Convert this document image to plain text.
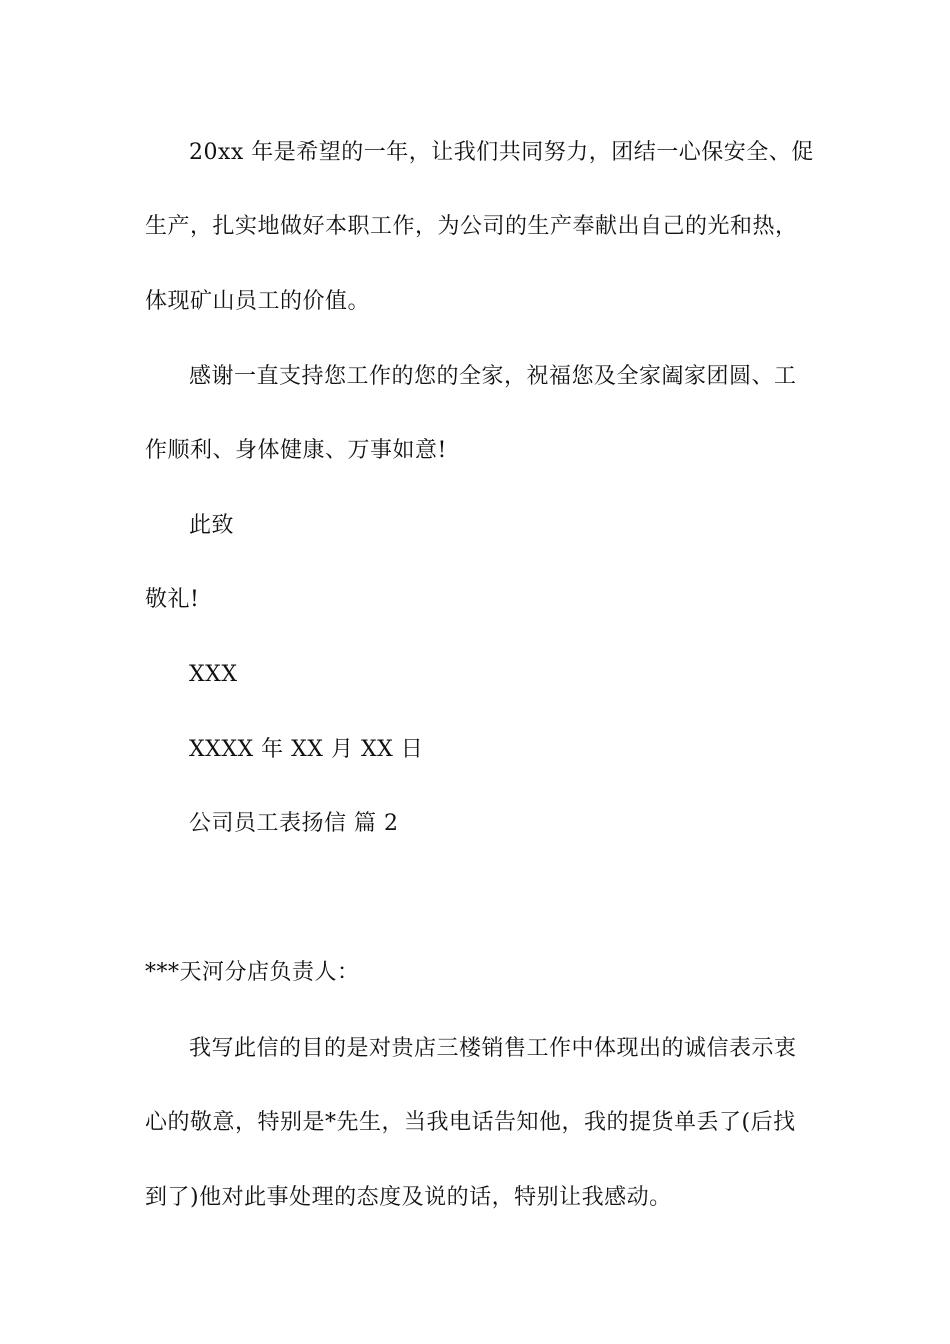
20xx 年是希望的一年，让我们共同努力，团结一心保安全、促
生产，扎实地做好本职工作，为公司的生产奉献出自己的光和热，
体现矿山员工的价值。
感谢一直支持您工作的您的全家，祝福您及全家阖家团圆、工
作顺利、身体健康、万事如意!
此致
敬礼!
XXX
XXXX 年 XX 月 XX 日
公司员工表扬信 篇 2
***天河分店负责人：
我写此信的目的是对贵店三楼销售工作中体现出的诚信表示衷
心的敬意，特别是*先生，当我电话告知他，我的提货单丢了(后找
到了)他对此事处理的态度及说的话，特别让我感动。
